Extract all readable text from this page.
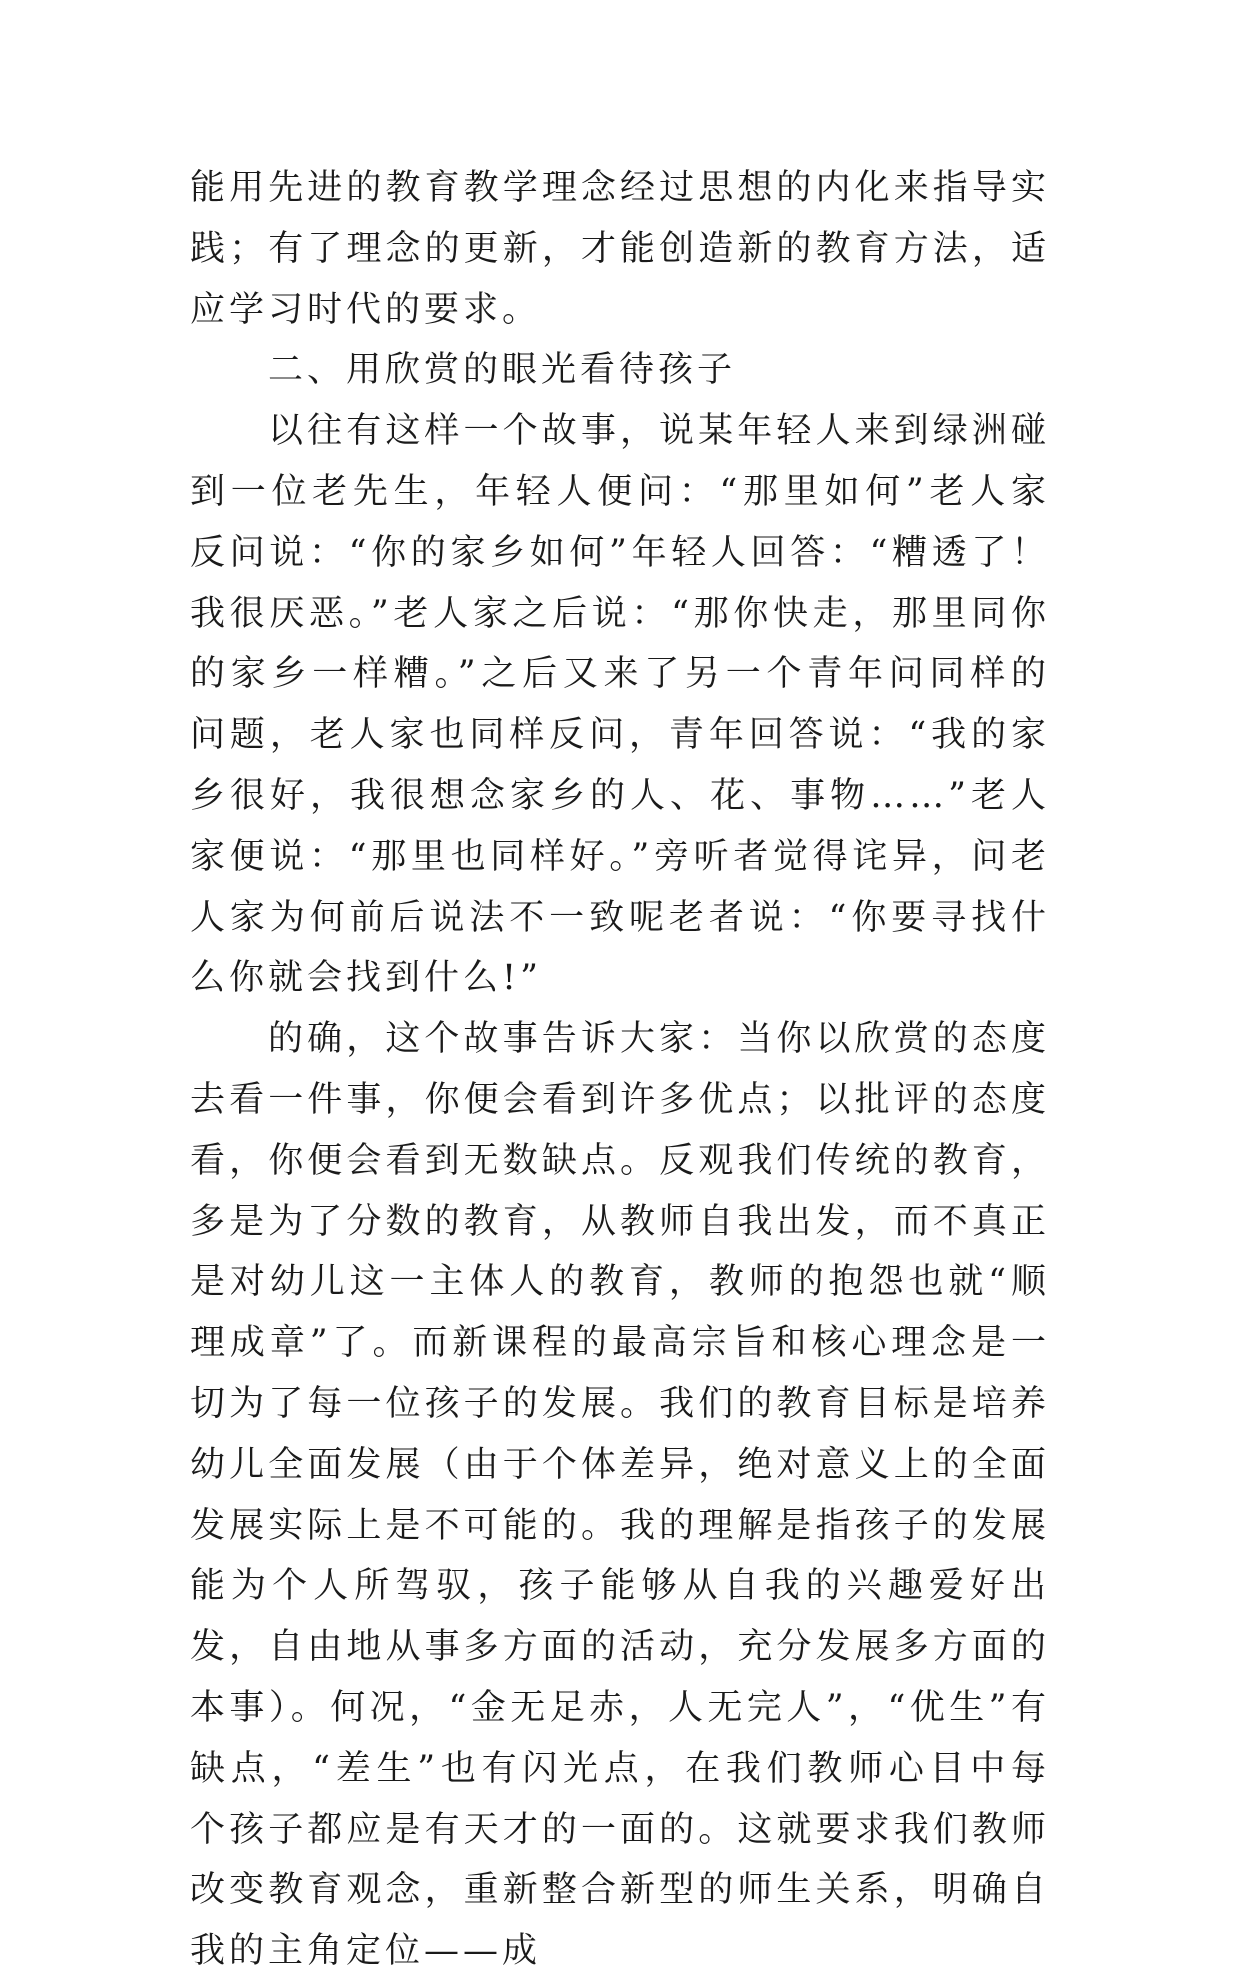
能用先进的教育教学理念经过思想的内化来指导实践；有了理念的更新，才能创造新的教育方法，适应学习时代的要求。

二、用欣赏的眼光看待孩子

以往有这样一个故事，说某年轻人来到绿洲碰到一位老先生，年轻人便问：“那里如何”老人家反问说：“你的家乡如何”年轻人回答：“糟透了！我很厌恶。”老人家之后说：“那你快走，那里同你的家乡一样糟。”之后又来了另一个青年问同样的问题，老人家也同样反问，青年回答说：“我的家乡很好，我很想念家乡的人、花、事物……”老人家便说：“那里也同样好。”旁听者觉得诧异，问老人家为何前后说法不一致呢老者说：“你要寻找什么你就会找到什么!”

的确，这个故事告诉大家：当你以欣赏的态度去看一件事，你便会看到许多优点；以批评的态度看，你便会看到无数缺点。反观我们传统的教育，多是为了分数的教育，从教师自我出发，而不真正是对幼儿这一主体人的教育，教师的抱怨也就“顺理成章”了。而新课程的最高宗旨和核心理念是一切为了每一位孩子的发展。我们的教育目标是培养幼儿全面发展（由于个体差异，绝对意义上的全面发展实际上是不可能的。我的理解是指孩子的发展能为个人所驾驭，孩子能够从自我的兴趣爱好出发，自由地从事多方面的活动，充分发展多方面的本事）。何况，“金无足赤，人无完人”，“优生”有缺点，“差生”也有闪光点，在我们教师心目中每个孩子都应是有天才的一面的。这就要求我们教师改变教育观念，重新整合新型的师生关系，明确自我的主角定位——成
